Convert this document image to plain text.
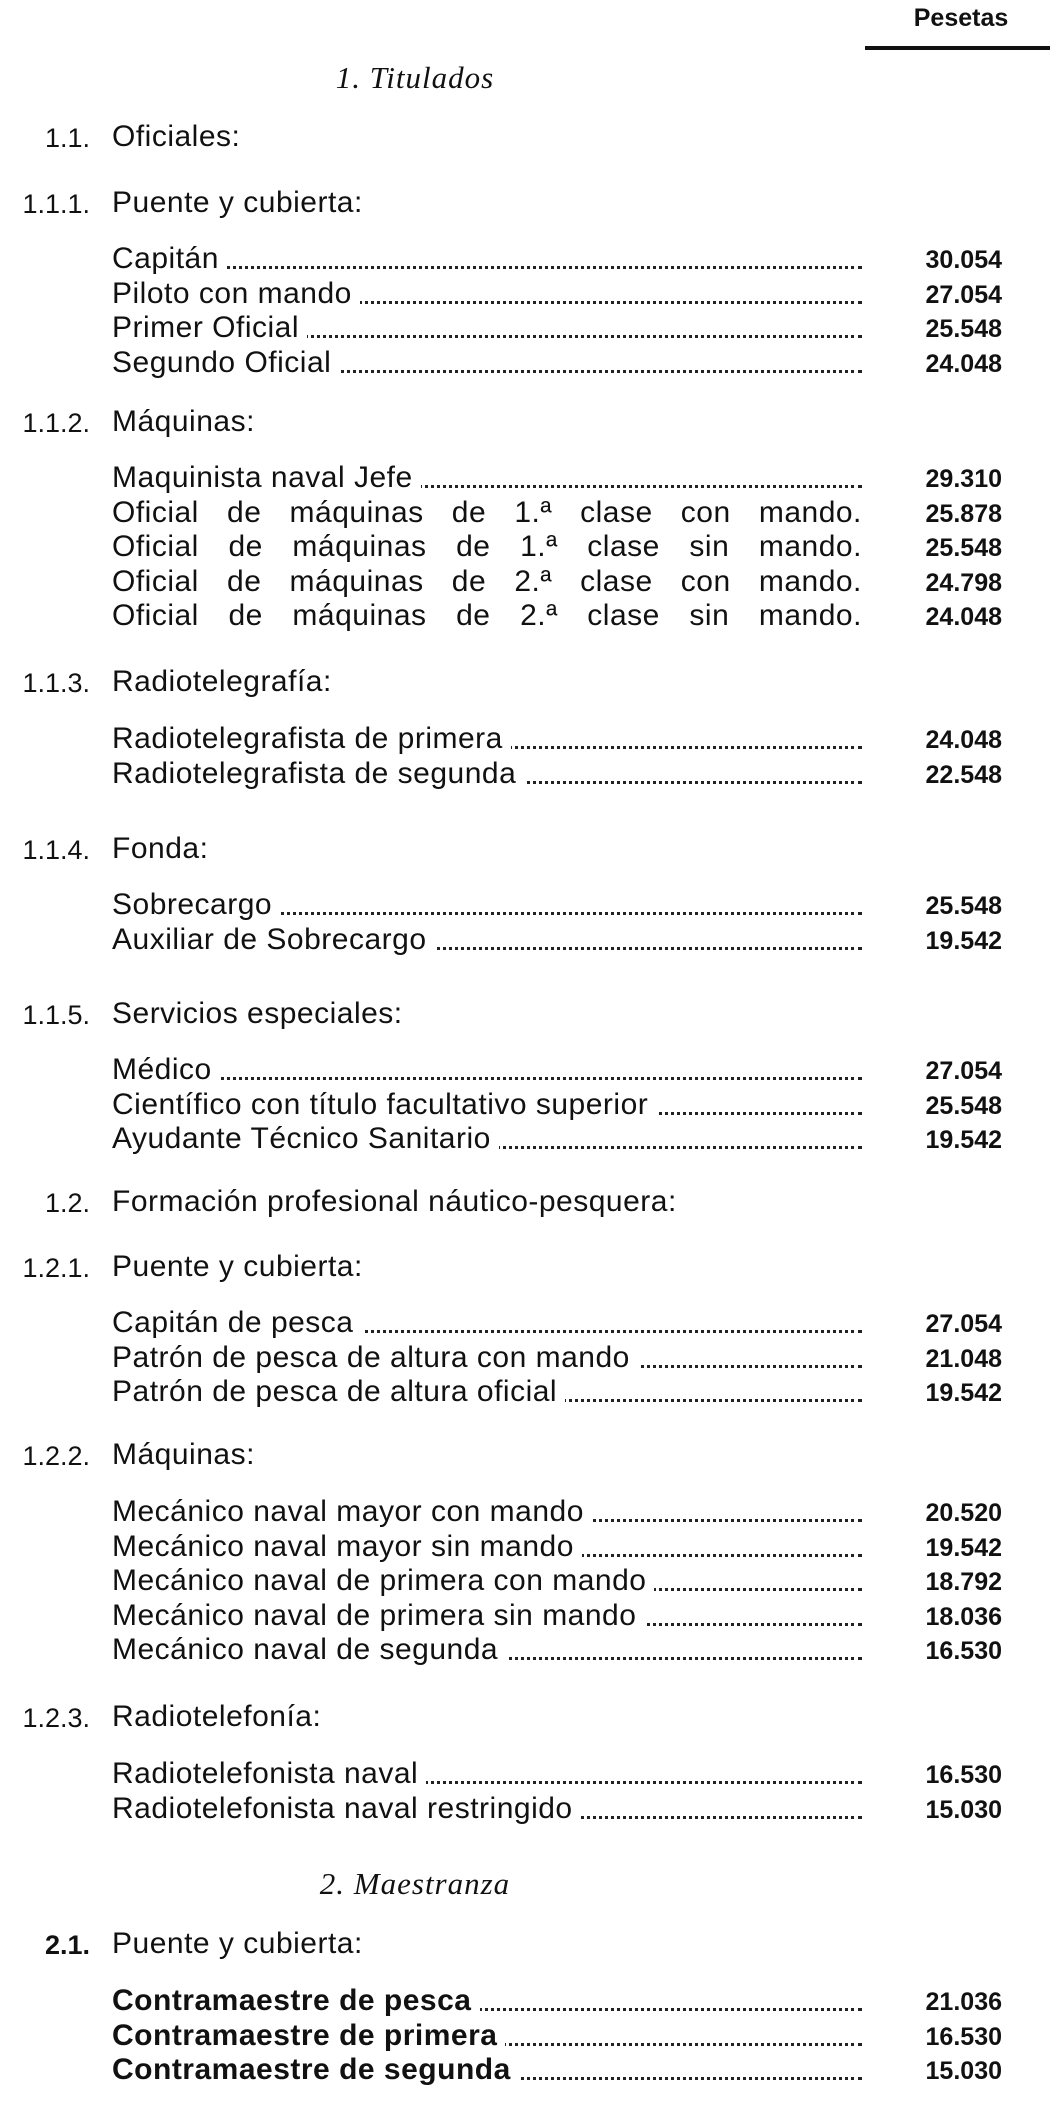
Pesetas
1. Titulados
1.1. Oficiales:
1.1.1. Puente y cubierta:
Capitán	30.054
Piloto con mando	27.054
Primer Oficial	25.548
Segundo Oficial	24.048
1.1.2. Máquinas:
Maquinista naval Jefe	29.310
Oficial de máquinas de 1.ª clase con mando.	25.878
Oficial de máquinas de 1.ª clase sin mando.	25.548
Oficial de máquinas de 2.ª clase con mando.	24.798
Oficial de máquinas de 2.ª clase sin mando.	24.048
1.1.3. Radiotelegrafía:
Radiotelegrafista de primera	24.048
Radiotelegrafista de segunda	22.548
1.1.4. Fonda:
Sobrecargo	25.548
Auxiliar de Sobrecargo	19.542
1.1.5. Servicios especiales:
Médico	27.054
Científico con título facultativo superior	25.548
Ayudante Técnico Sanitario	19.542
1.2. Formación profesional náutico-pesquera:
1.2.1. Puente y cubierta:
Capitán de pesca	27.054
Patrón de pesca de altura con mando	21.048
Patrón de pesca de altura oficial	19.542
1.2.2. Máquinas:
Mecánico naval mayor con mando	20.520
Mecánico naval mayor sin mando	19.542
Mecánico naval de primera con mando	18.792
Mecánico naval de primera sin mando	18.036
Mecánico naval de segunda	16.530
1.2.3. Radiotelefonía:
Radiotelefonista naval	16.530
Radiotelefonista naval restringido	15.030
2. Maestranza
2.1. Puente y cubierta:
Contramaestre de pesca	21.036
Contramaestre de primera	16.530
Contramaestre de segunda	15.030
